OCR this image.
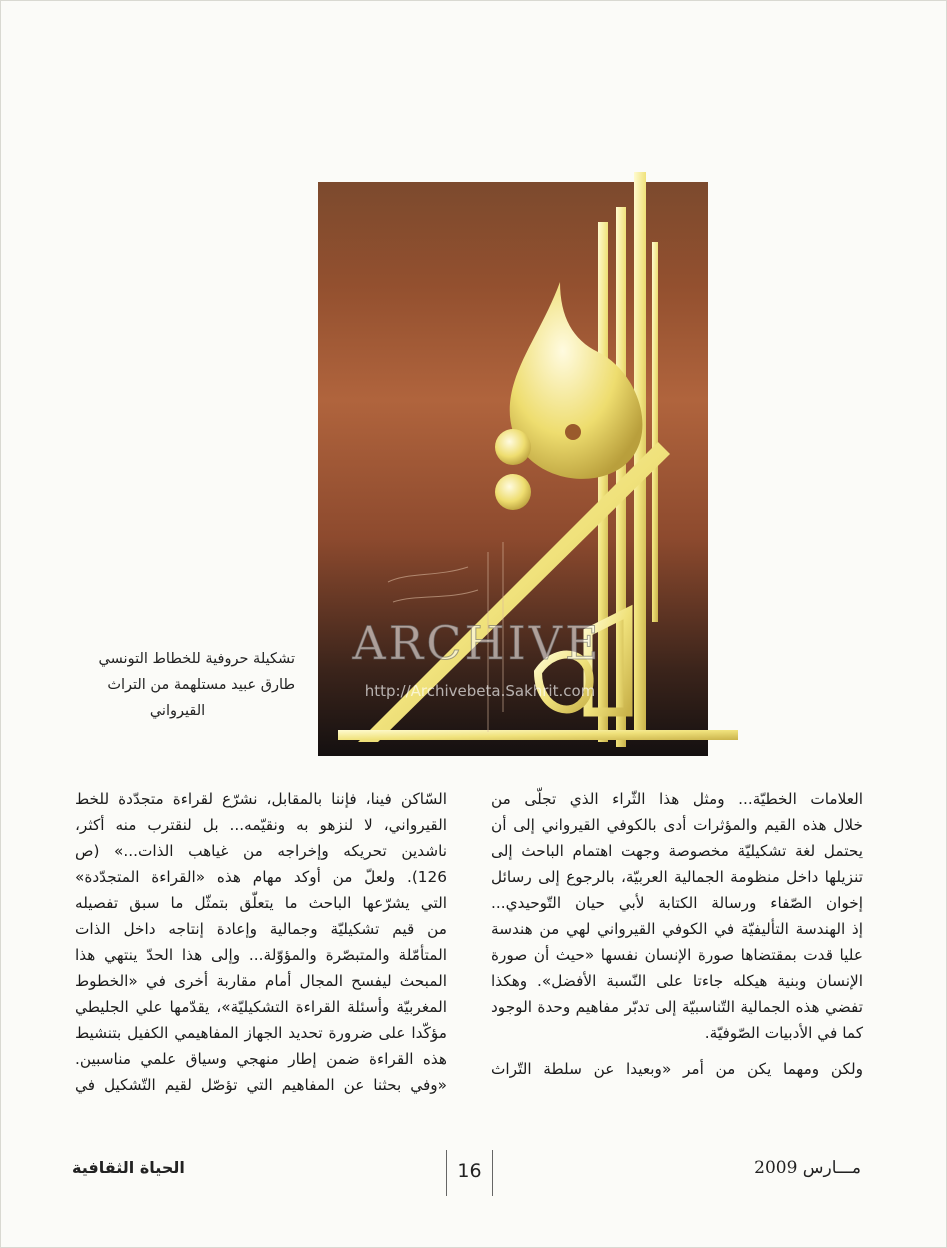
ARCHIVE
http://Archivebeta.Sakhrit.com
تشكيلة حروفية للخطاط التونسي
طارق عبيد مستلهمة من التراث
القيرواني
العلامات الخطيّة... ومثل هذا الثّراء الذي تجلّى من
خلال هذه القيم والمؤثرات أدى بالكوفي القيرواني إلى أن
يحتمل لغة تشكيليّة مخصوصة وجهت اهتمام الباحث إلى
تنزيلها داخل منظومة الجمالية العربيّة، بالرجوع إلى رسائل
إخوان الصّفاء ورسالة الكتابة لأبي حيان التّوحيدي...
إذ الهندسة التأليفيّة في الكوفي القيرواني لهي من هندسة
عليا قدت بمقتضاها صورة الإنسان نفسها «حيث أن صورة
الإنسان وبنية هيكله جاءتا على النّسبة الأفضل». وهكذا
تفضي هذه الجمالية التّناسبيّة إلى تدبّر مفاهيم وحدة الوجود
كما في الأدبيات الصّوفيّة.
ولكن ومهما يكن من أمر «وبعيدا عن سلطة التّراث
السّاكن فينا، فإننا بالمقابل، نشرّع لقراءة متجدّدة للخط
القيرواني، لا لنزهو به ونقيّمه... بل لنقترب منه أكثر،
ناشدين تحريكه وإخراجه من غياهب الذات...» (ص
126). ولعلّ من أوكد مهام هذه «القراءة المتجدّدة»
التي يشرّعها الباحث ما يتعلّق بتمثّل ما سبق تفصيله
من قيم تشكيليّة وجمالية وإعادة إنتاجه داخل الذات
المتأمّلة والمتبصّرة والمؤوّلة... وإلى هذا الحدّ ينتهي هذا
المبحث ليفسح المجال أمام مقاربة أخرى في «الخطوط
المغربيّة وأسئلة القراءة التشكيليّة»، يقدّمها علي الجليطي
مؤكّدا على ضرورة تحديد الجهاز المفاهيمي الكفيل بتنشيط
هذه القراءة ضمن إطار منهجي وسياق علمي مناسبين.
«وفي بحثنا عن المفاهيم التي تؤصّل لقيم التّشكيل في
16	مـــارس 2009
الحياة الثقافية
